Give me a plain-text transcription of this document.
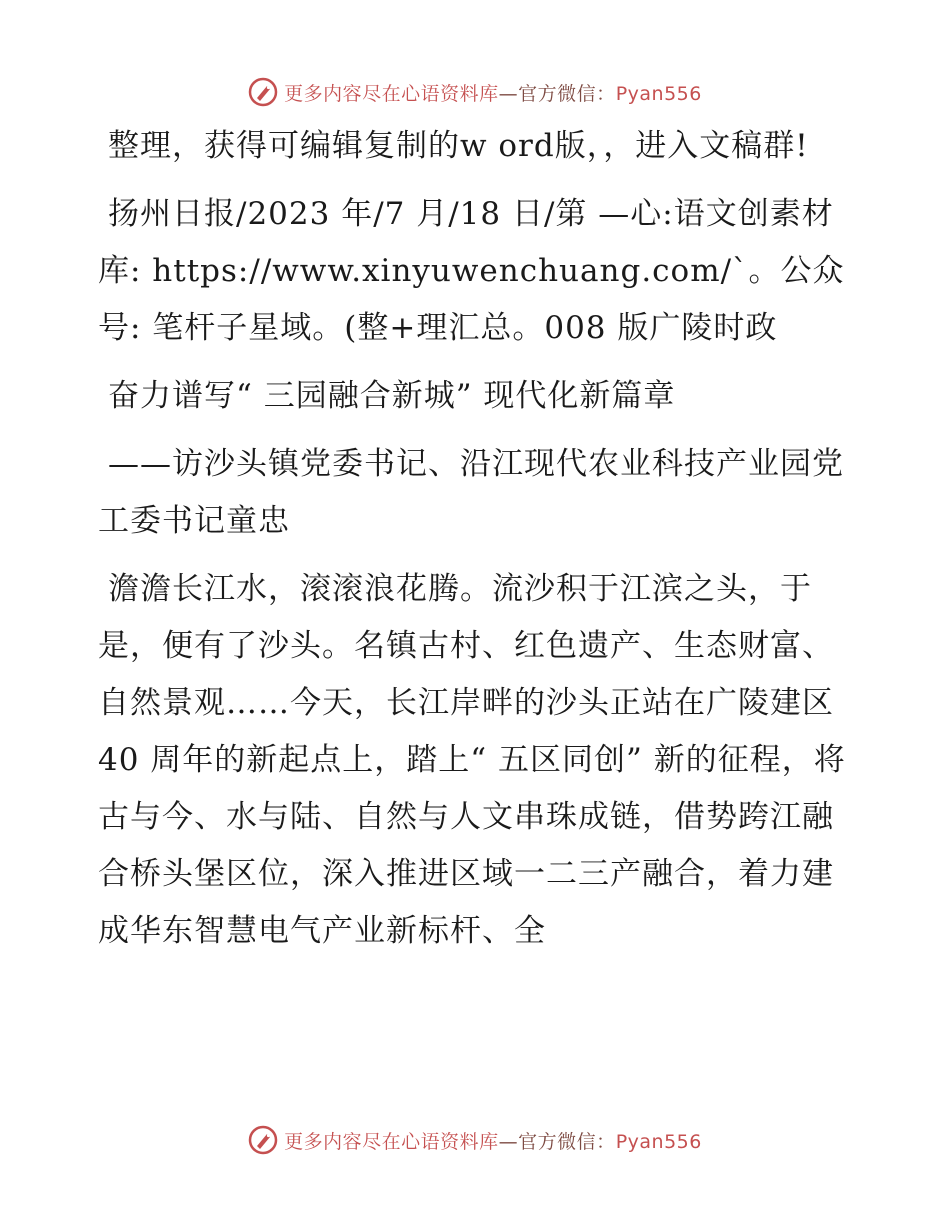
更多内容尽在心语资料库—官方微信：Pyan556

整理，获得可编辑复制的w ord版，，进入文稿群!

扬州日报/2023 年/7 月/18 日/第 —心:语文创素材库: https://www.xinyuwenchuang.com/`。公众号: 笔杆子星域。(整+理汇总。008 版广陵时政

奋力谱写“ 三园融合新城” 现代化新篇章

——访沙头镇党委书记、沿江现代农业科技产业园党工委书记童忠

澹澹长江水，滚滚浪花腾。流沙积于江滨之头，于是，便有了沙头。名镇古村、红色遗产、生态财富、自然景观……今天，长江岸畔的沙头正站在广陵建区 40 周年的新起点上，踏上“ 五区同创” 新的征程，将古与今、水与陆、自然与人文串珠成链，借势跨江融合桥头堡区位，深入推进区域一二三产融合，着力建成华东智慧电气产业新标杆、全

更多内容尽在心语资料库—官方微信：Pyan556
